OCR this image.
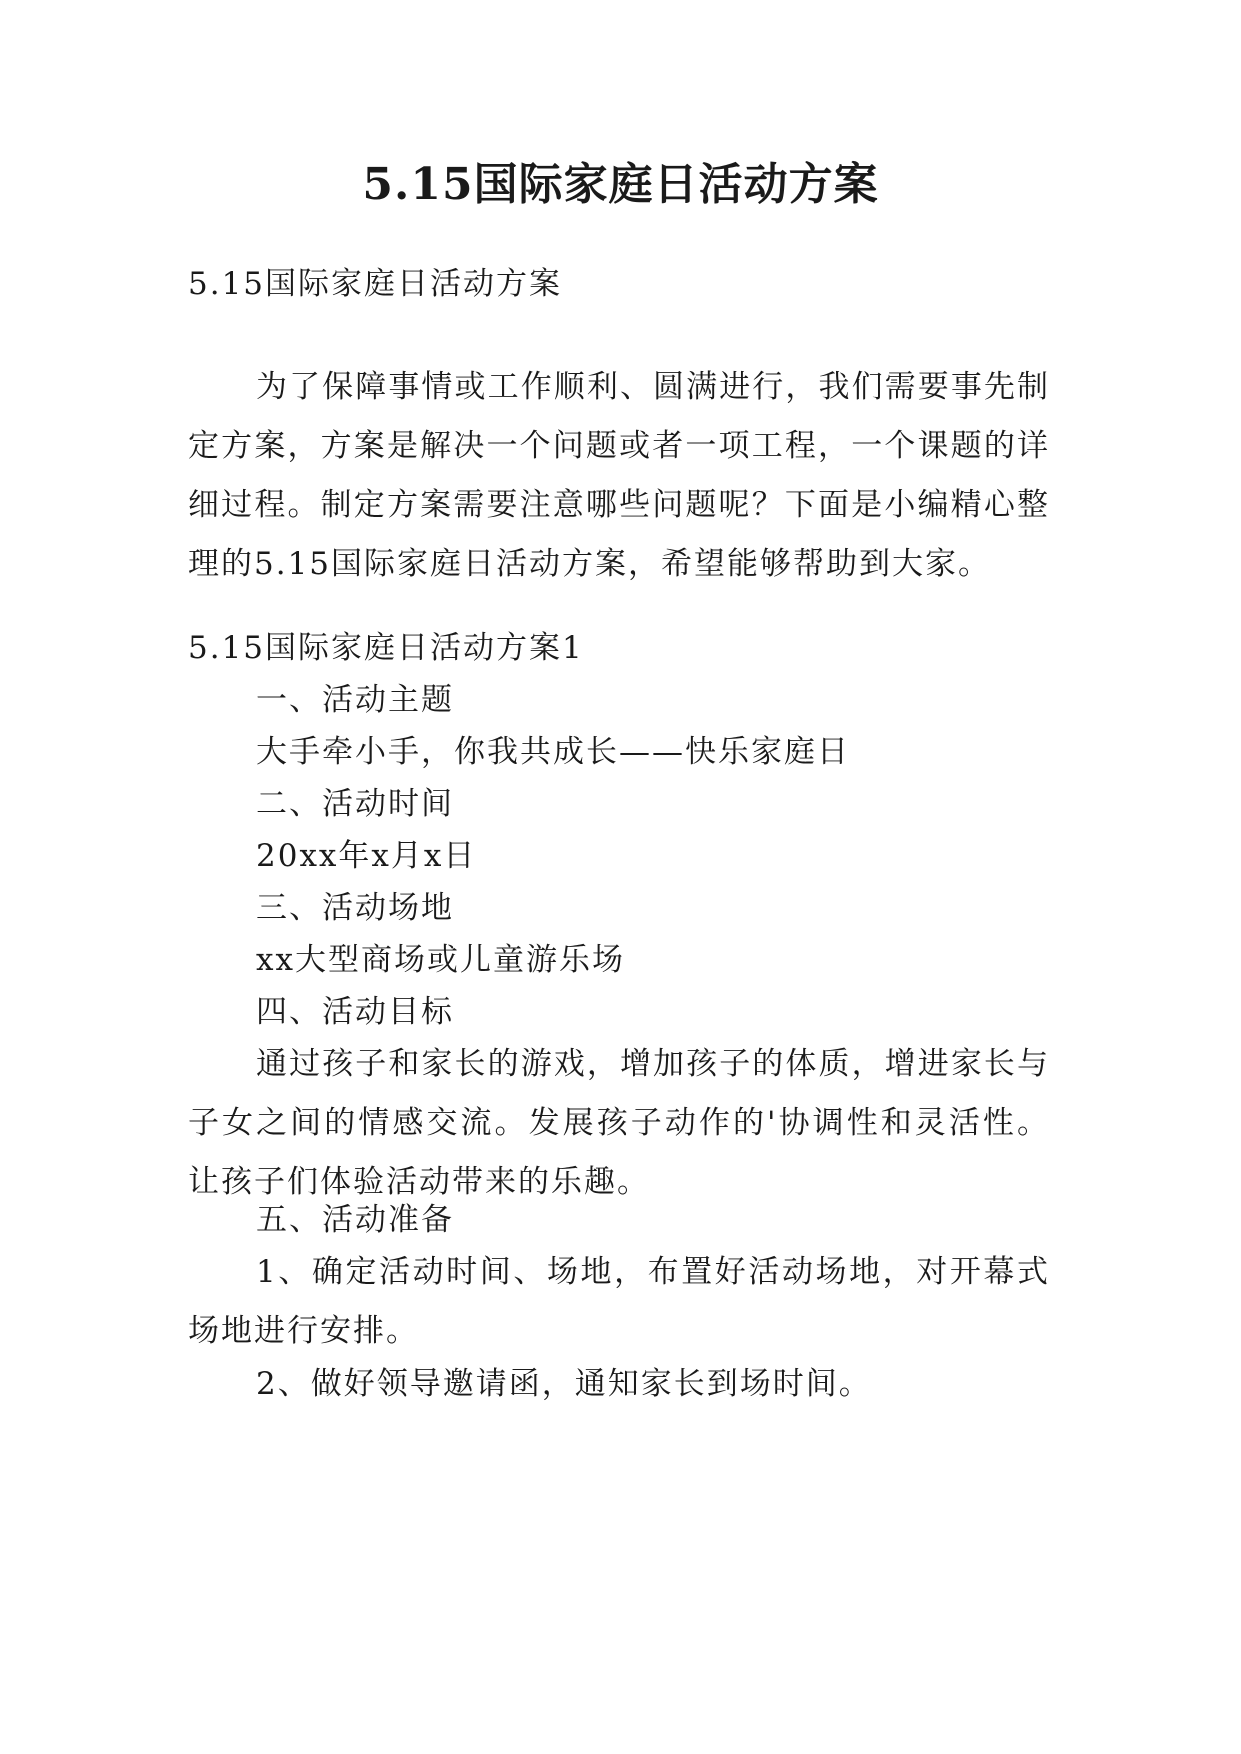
5.15国际家庭日活动方案
5.15国际家庭日活动方案

为了保障事情或工作顺利、圆满进行，我们需要事先制定方案，方案是解决一个问题或者一项工程，一个课题的详细过程。制定方案需要注意哪些问题呢？下面是小编精心整理的5.15国际家庭日活动方案，希望能够帮助到大家。

5.15国际家庭日活动方案1
一、活动主题
大手牵小手，你我共成长——快乐家庭日
二、活动时间
20xx年x月x日
三、活动场地
xx大型商场或儿童游乐场
四、活动目标

通过孩子和家长的游戏，增加孩子的体质，增进家长与子女之间的情感交流。发展孩子动作的'协调性和灵活性。让孩子们体验活动带来的乐趣。

五、活动准备

1、确定活动时间、场地，布置好活动场地，对开幕式场地进行安排。

2、做好领导邀请函，通知家长到场时间。
